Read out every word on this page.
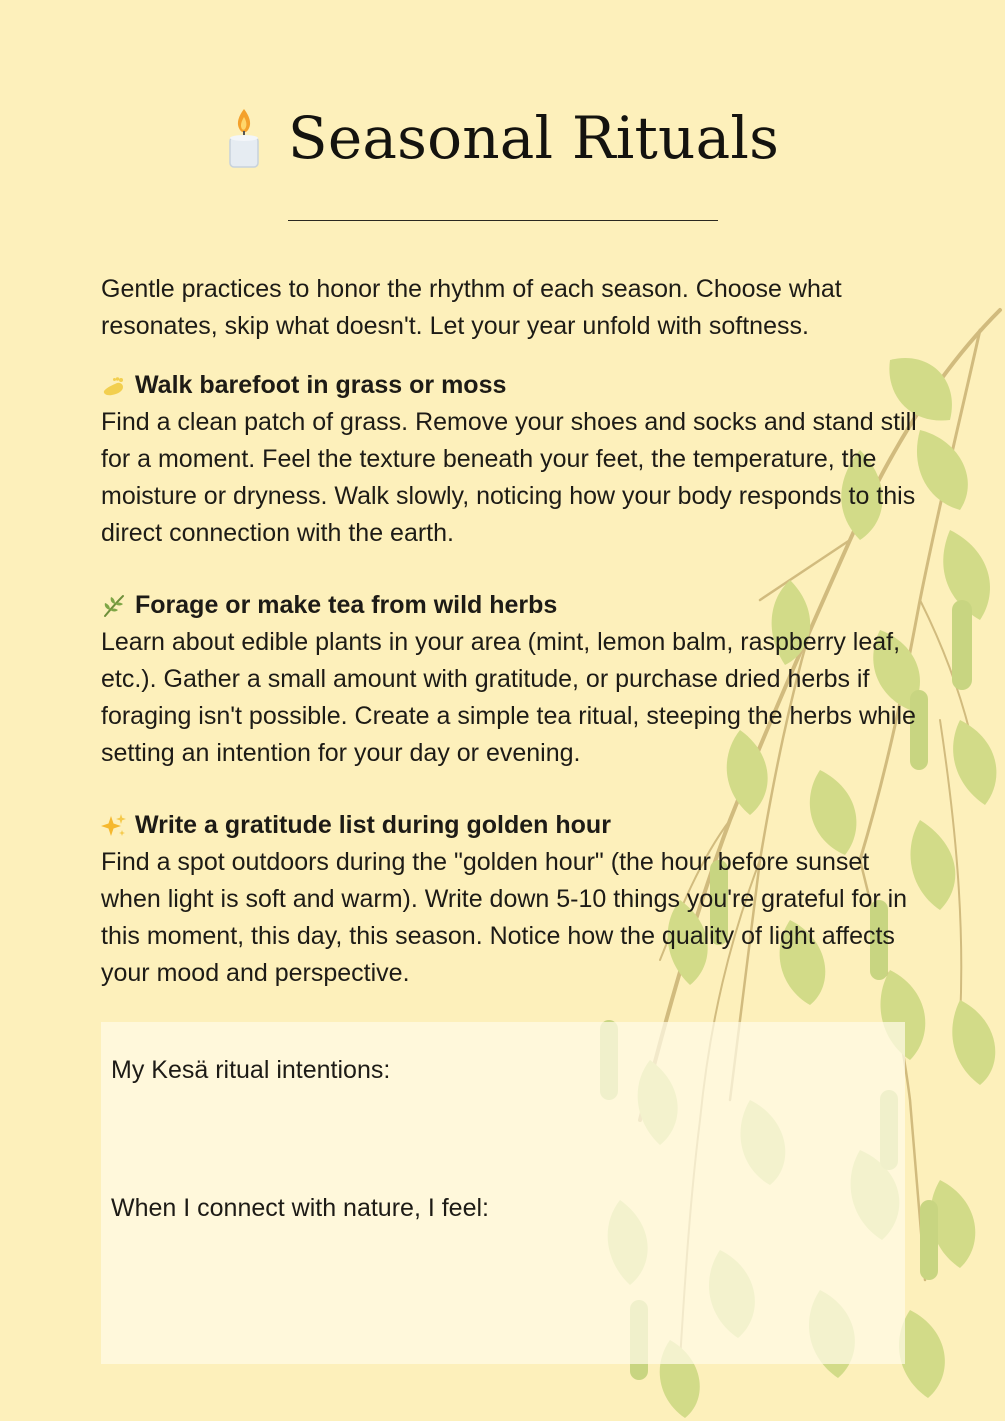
Seasonal Rituals

Gentle practices to honor the rhythm of each season. Choose what resonates, skip what doesn't. Let your year unfold with softness.

Walk barefoot in grass or moss

Find a clean patch of grass. Remove your shoes and socks and stand still for a moment. Feel the texture beneath your feet, the temperature, the moisture or dryness. Walk slowly, noticing how your body responds to this direct connection with the earth.

Forage or make tea from wild herbs

Learn about edible plants in your area (mint, lemon balm, raspberry leaf, etc.). Gather a small amount with gratitude, or purchase dried herbs if foraging isn't possible. Create a simple tea ritual, steeping the herbs while setting an intention for your day or evening.

Write a gratitude list during golden hour

Find a spot outdoors during the "golden hour" (the hour before sunset when light is soft and warm). Write down 5-10 things you're grateful for in this moment, this day, this season. Notice how the quality of light affects your mood and perspective.

My Kesä ritual intentions:
When I connect with nature, I feel:
